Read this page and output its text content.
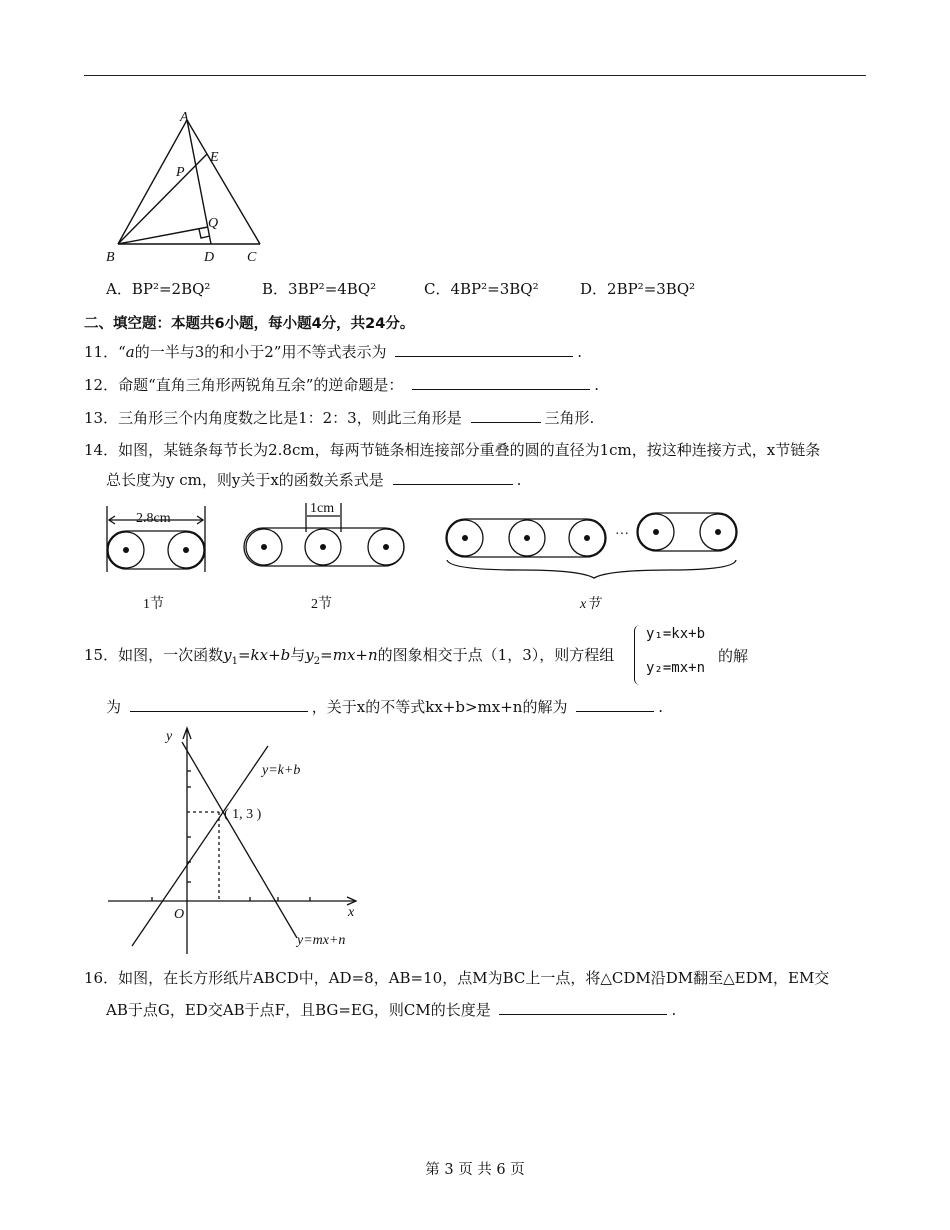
A
B	C
D
E
P
Q
A．BP²=2BQ²	B．3BP²=4BQ²	C．4BP²=3BQ²	D．2BP²=3BQ²
二、填空题：本题共6小题，每小题4分，共24分。
11．“a的一半与3的和小于2”用不等式表示为	.
12．命题“直角三角形两锐角互余”的逆命题是：	.
13．三角形三个内角度数之比是1：2：3，则此三角形是	三角形.
14．如图，某链条每节长为2.8cm，每两节链条相连接部分重叠的圆的直径为1cm，按这种连接方式，x节链条
总长度为y cm，则y关于x的函数关系式是	.
2.8cm
1cm
···
1节	2节	x节
15．如图，一次函数$y_1=kx+b$与$y_2=mx+n$的图象相交于点（1，3），则方程组
y₁=kx+b
y₂=mx+n
的解
为	，关于x的不等式kx+b>mx+n的解为	.
y
x
O
( 1, 3 )
y=k+b
y=mx+n
16．如图，在长方形纸片ABCD中，AD=8，AB=10，点M为BC上一点，将△CDM沿DM翻至△EDM，EM交
AB于点G，ED交AB于点F，且BG=EG，则CM的长度是	.
第 3 页 共 6 页
